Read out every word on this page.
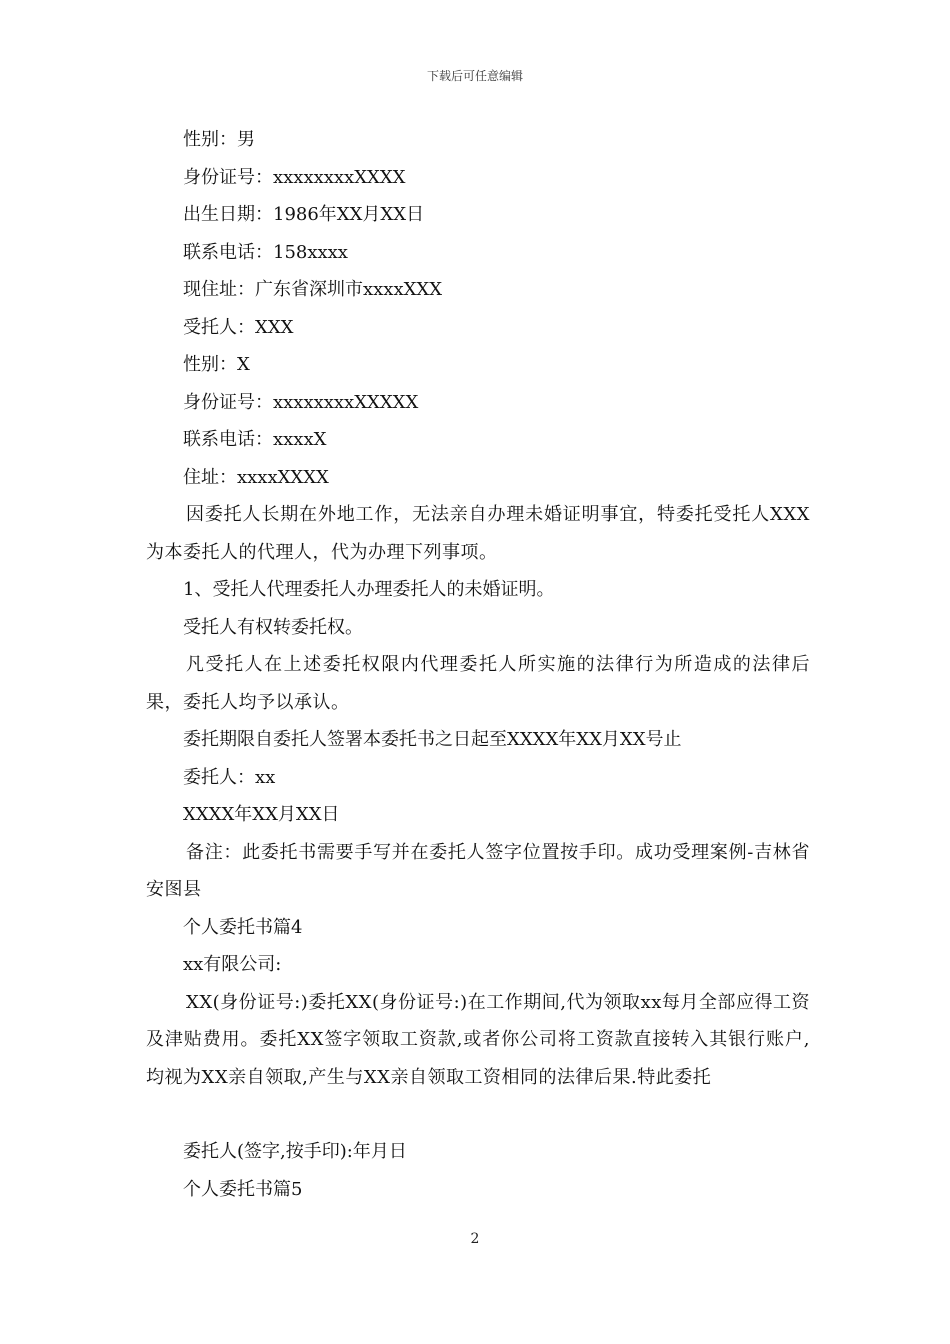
下载后可任意编辑
性别：男
身份证号：xxxxxxxxXXXX
出生日期：1986年XX月XX日
联系电话：158xxxx
现住址：广东省深圳市xxxxXXX
受托人：XXX
性别：X
身份证号：xxxxxxxxXXXXX
联系电话：xxxxX
住址：xxxxXXXX
因委托人长期在外地工作，无法亲自办理未婚证明事宜，特委托受托人XXX为本委托人的代理人，代为办理下列事项。
1、受托人代理委托人办理委托人的未婚证明。
受托人有权转委托权。
凡受托人在上述委托权限内代理委托人所实施的法律行为所造成的法律后果，委托人均予以承认。
委托期限自委托人签署本委托书之日起至XXXX年XX月XX号止
委托人：xx
XXXX年XX月XX日
备注：此委托书需要手写并在委托人签字位置按手印。成功受理案例-吉林省安图县
个人委托书篇4
xx有限公司:
XX(身份证号:)委托XX(身份证号:)在工作期间,代为领取xx每月全部应得工资及津贴费用。委托XX签字领取工资款,或者你公司将工资款直接转入其银行账户,均视为XX亲自领取,产生与XX亲自领取工资相同的法律后果.特此委托
委托人(签字,按手印):年月日
个人委托书篇5
2
